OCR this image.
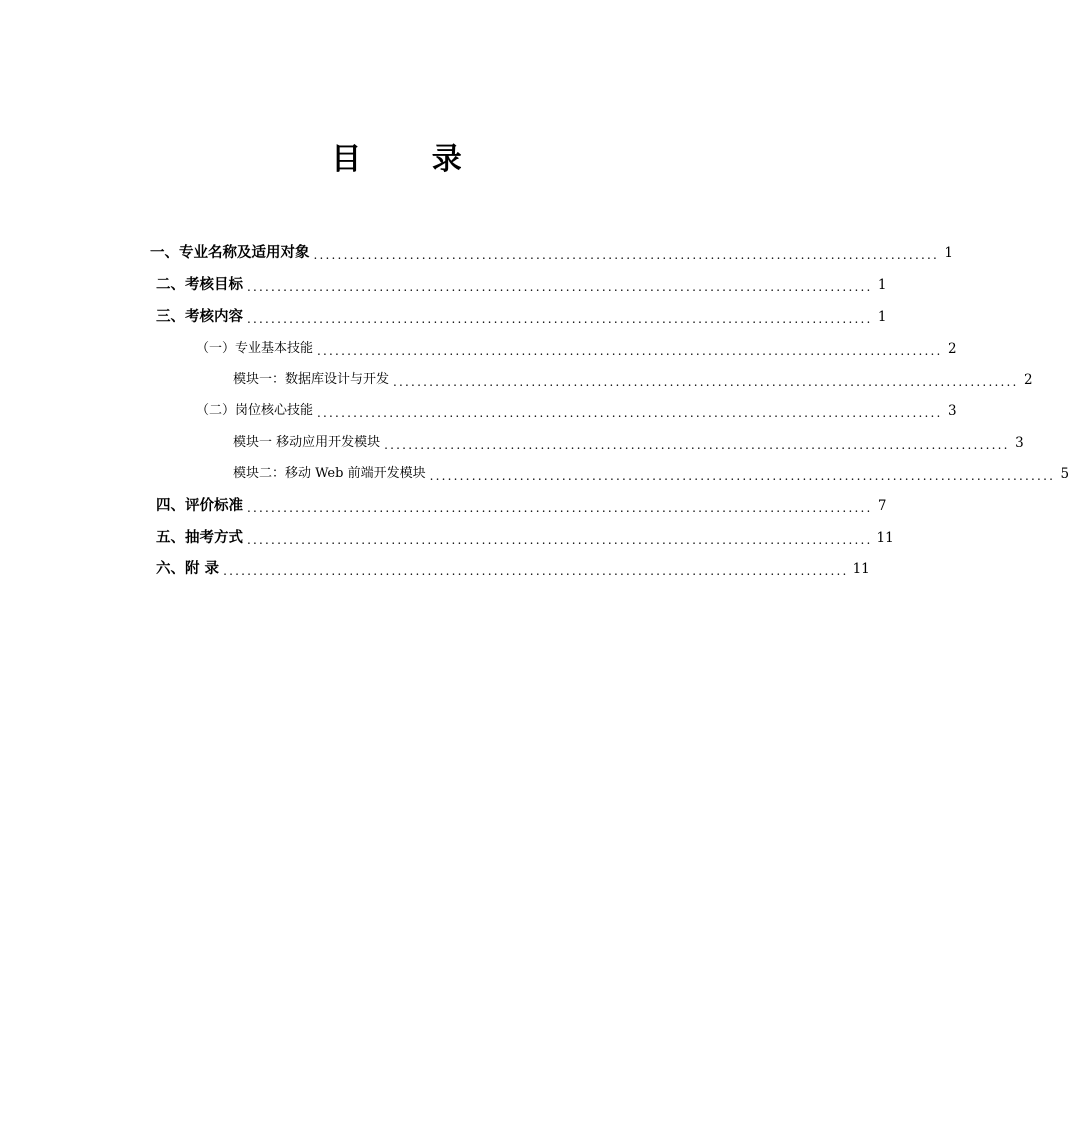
目 录
一、专业名称及适用对象 ........................................................................................................ 1
二、考核目标 ........................................................................................................ 1
三、考核内容 ........................................................................................................ 1
（一）专业基本技能 ........................................................................................................ 2
模块一：数据库设计与开发 ........................................................................................................ 2
（二）岗位核心技能 ........................................................................................................ 3
模块一 移动应用开发模块 ........................................................................................................ 3
模块二：移动 Web 前端开发模块 ........................................................................................................ 5
四、评价标准 ........................................................................................................ 7
五、抽考方式 ........................................................................................................ 11
六、附 录 ........................................................................................................ 11
